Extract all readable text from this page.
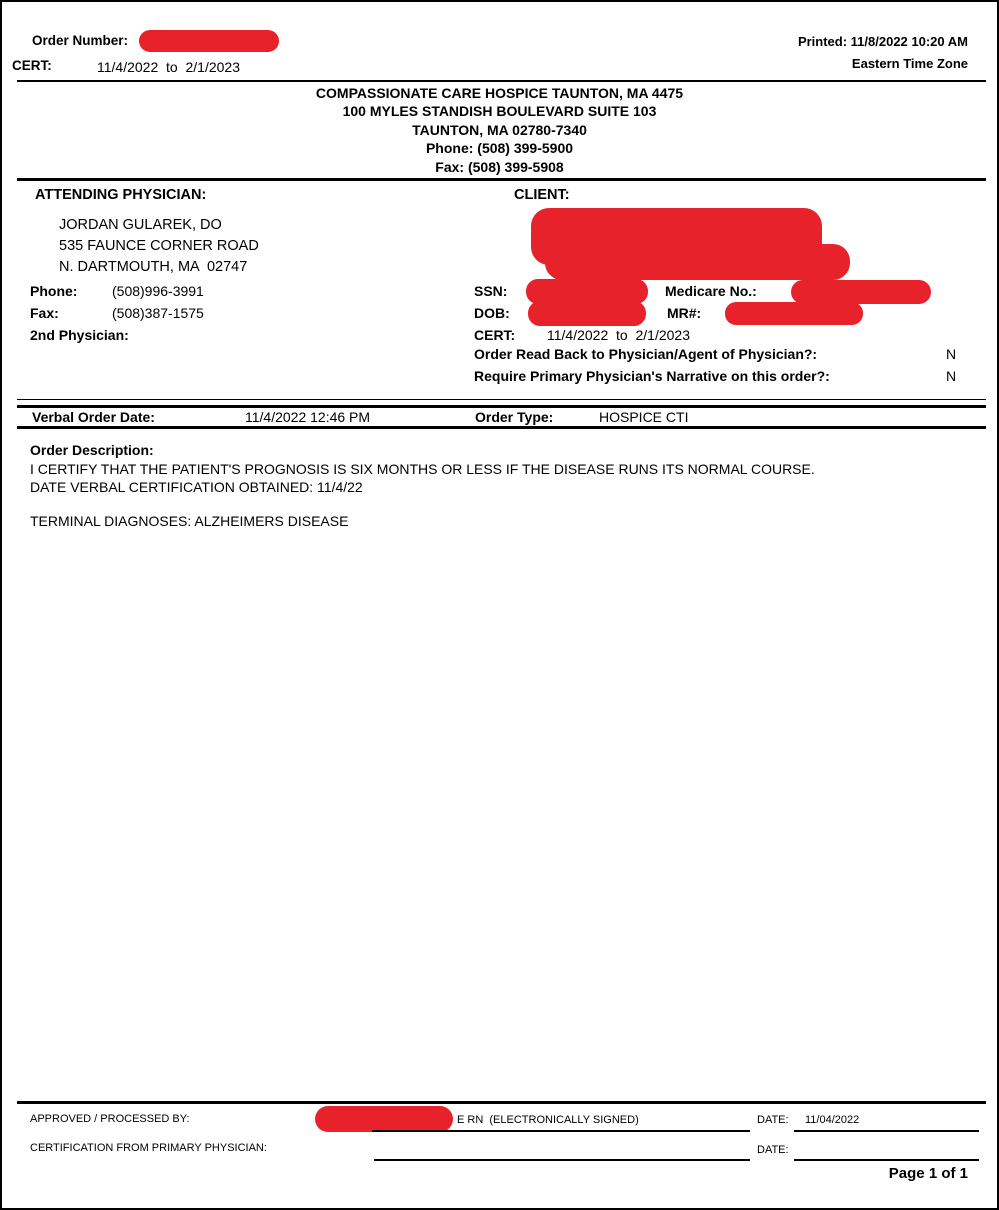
Order Number:	Printed: 11/8/2022 10:20 AM
CERT:	11/4/2022  to  2/1/2023	Eastern Time Zone
COMPASSIONATE CARE HOSPICE TAUNTON, MA 4475
100 MYLES STANDISH BOULEVARD SUITE 103
TAUNTON, MA 02780-7340
Phone: (508) 399-5900
Fax: (508) 399-5908
ATTENDING PHYSICIAN:
JORDAN GULAREK, DO
535 FAUNCE CORNER ROAD
N. DARTMOUTH, MA  02747
Phone: (508)996-3991
Fax:	(508)387-1575
2nd Physician:
CLIENT:
SSN:	Medicare No.:
DOB:	MR#:
CERT: 11/4/2022  to  2/1/2023
Order Read Back to Physician/Agent of Physician?:	N
Require Primary Physician's Narrative on this order?:	N
Verbal Order Date:	11/4/2022 12:46 PM	Order Type:	HOSPICE CTI
Order Description:
I CERTIFY THAT THE PATIENT'S PROGNOSIS IS SIX MONTHS OR LESS IF THE DISEASE RUNS ITS NORMAL COURSE.
DATE VERBAL CERTIFICATION OBTAINED: 11/4/22
TERMINAL DIAGNOSES: ALZHEIMERS DISEASE
APPROVED / PROCESSED BY:	E RN  (ELECTRONICALLY SIGNED)	DATE: 11/04/2022
CERTIFICATION FROM PRIMARY PHYSICIAN:	DATE:
Page 1 of 1
